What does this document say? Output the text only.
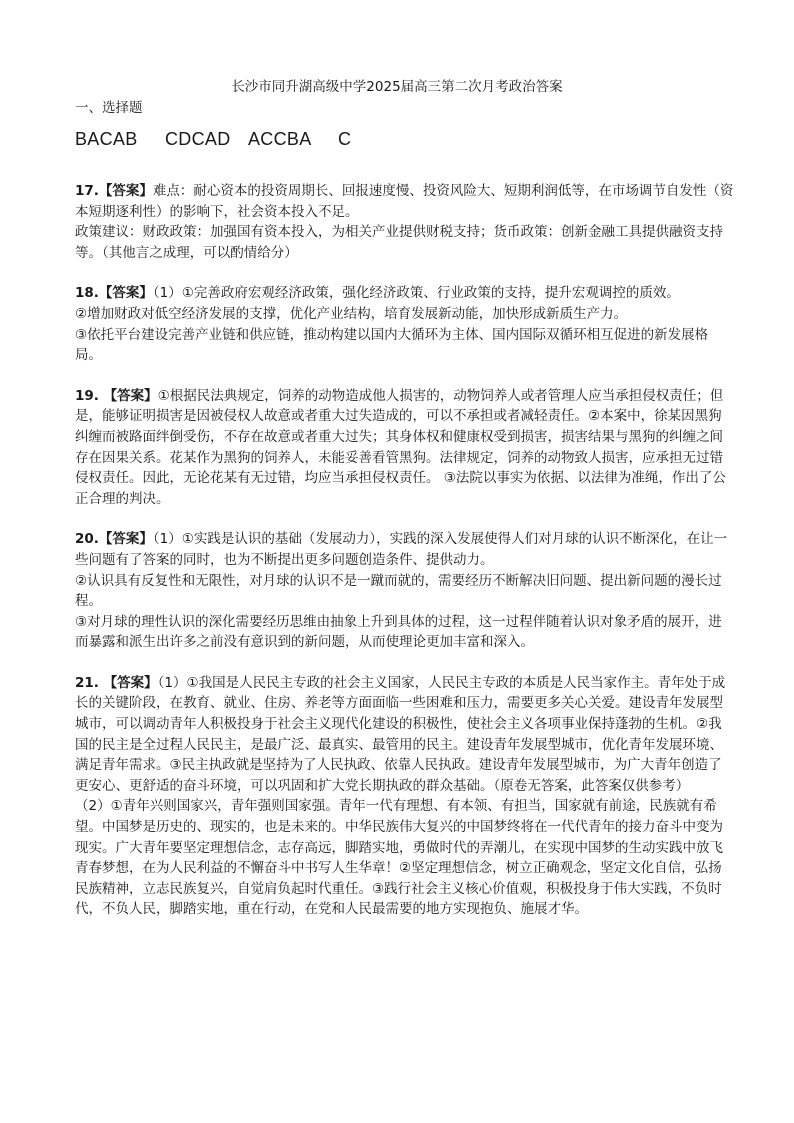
长沙市同升湖高级中学2025届高三第二次月考政治答案
一、选择题
BACAB CDCAD ACCBA C

17.【答案】难点：耐心资本的投资周期长、回报速度慢、投资风险大、短期利润低等，在市场调节自发性（资本短期逐利性）的影响下，社会资本投入不足。

政策建议：财政政策：加强国有资本投入，为相关产业提供财税支持；货币政策：创新金融工具提供融资支持等。（其他言之成理，可以酌情给分）

18.【答案】（1）①完善政府宏观经济政策，强化经济政策、行业政策的支持，提升宏观调控的质效。

②增加财政对低空经济发展的支撑，优化产业结构，培育发展新动能，加快形成新质生产力。

③依托平台建设完善产业链和供应链，推动构建以国内大循环为主体、国内国际双循环相互促进的新发展格局。

19. 【答案】①根据民法典规定，饲养的动物造成他人损害的，动物饲养人或者管理人应当承担侵权责任；但是，能够证明损害是因被侵权人故意或者重大过失造成的，可以不承担或者减轻责任。②本案中，徐某因黑狗纠缠而被路面绊倒受伤，不存在故意或者重大过失；其身体权和健康权受到损害，损害结果与黑狗的纠缠之间存在因果关系。花某作为黑狗的饲养人，未能妥善看管黑狗。法律规定，饲养的动物致人损害，应承担无过错侵权责任。因此，无论花某有无过错，均应当承担侵权责任。 ③法院以事实为依据、以法律为准绳，作出了公正合理的判决。

20.【答案】（1）①实践是认识的基础（发展动力），实践的深入发展使得人们对月球的认识不断深化，在让一些问题有了答案的同时，也为不断提出更多问题创造条件、提供动力。

②认识具有反复性和无限性，对月球的认识不是一蹴而就的，需要经历不断解决旧问题、提出新问题的漫长过程。

③对月球的理性认识的深化需要经历思维由抽象上升到具体的过程，这一过程伴随着认识对象矛盾的展开，进而暴露和派生出许多之前没有意识到的新问题，从而使理论更加丰富和深入。

21. 【答案】（1）①我国是人民民主专政的社会主义国家，人民民主专政的本质是人民当家作主。青年处于成长的关键阶段，在教育、就业、住房、养老等方面面临一些困难和压力，需要更多关心关爱。建设青年发展型城市，可以调动青年人积极投身于社会主义现代化建设的积极性，使社会主义各项事业保持蓬勃的生机。②我国的民主是全过程人民民主，是最广泛、最真实、最管用的民主。建设青年发展型城市，优化青年发展环境、满足青年需求。③民主执政就是坚持为了人民执政、依靠人民执政。建设青年发展型城市，为广大青年创造了更安心、更舒适的奋斗环境，可以巩固和扩大党长期执政的群众基础。（原卷无答案，此答案仅供参考）

（2）①青年兴则国家兴，青年强则国家强。青年一代有理想、有本领、有担当，国家就有前途，民族就有希望。中国梦是历史的、现实的，也是未来的。中华民族伟大复兴的中国梦终将在一代代青年的接力奋斗中变为现实。广大青年要坚定理想信念，志存高远，脚踏实地，勇做时代的弄潮儿，在实现中国梦的生动实践中放飞青春梦想，在为人民利益的不懈奋斗中书写人生华章！②坚定理想信念，树立正确观念，坚定文化自信，弘扬民族精神，立志民族复兴，自觉肩负起时代重任。③践行社会主义核心价值观，积极投身于伟大实践，不负时代，不负人民，脚踏实地，重在行动，在党和人民最需要的地方实现抱负、施展才华。
